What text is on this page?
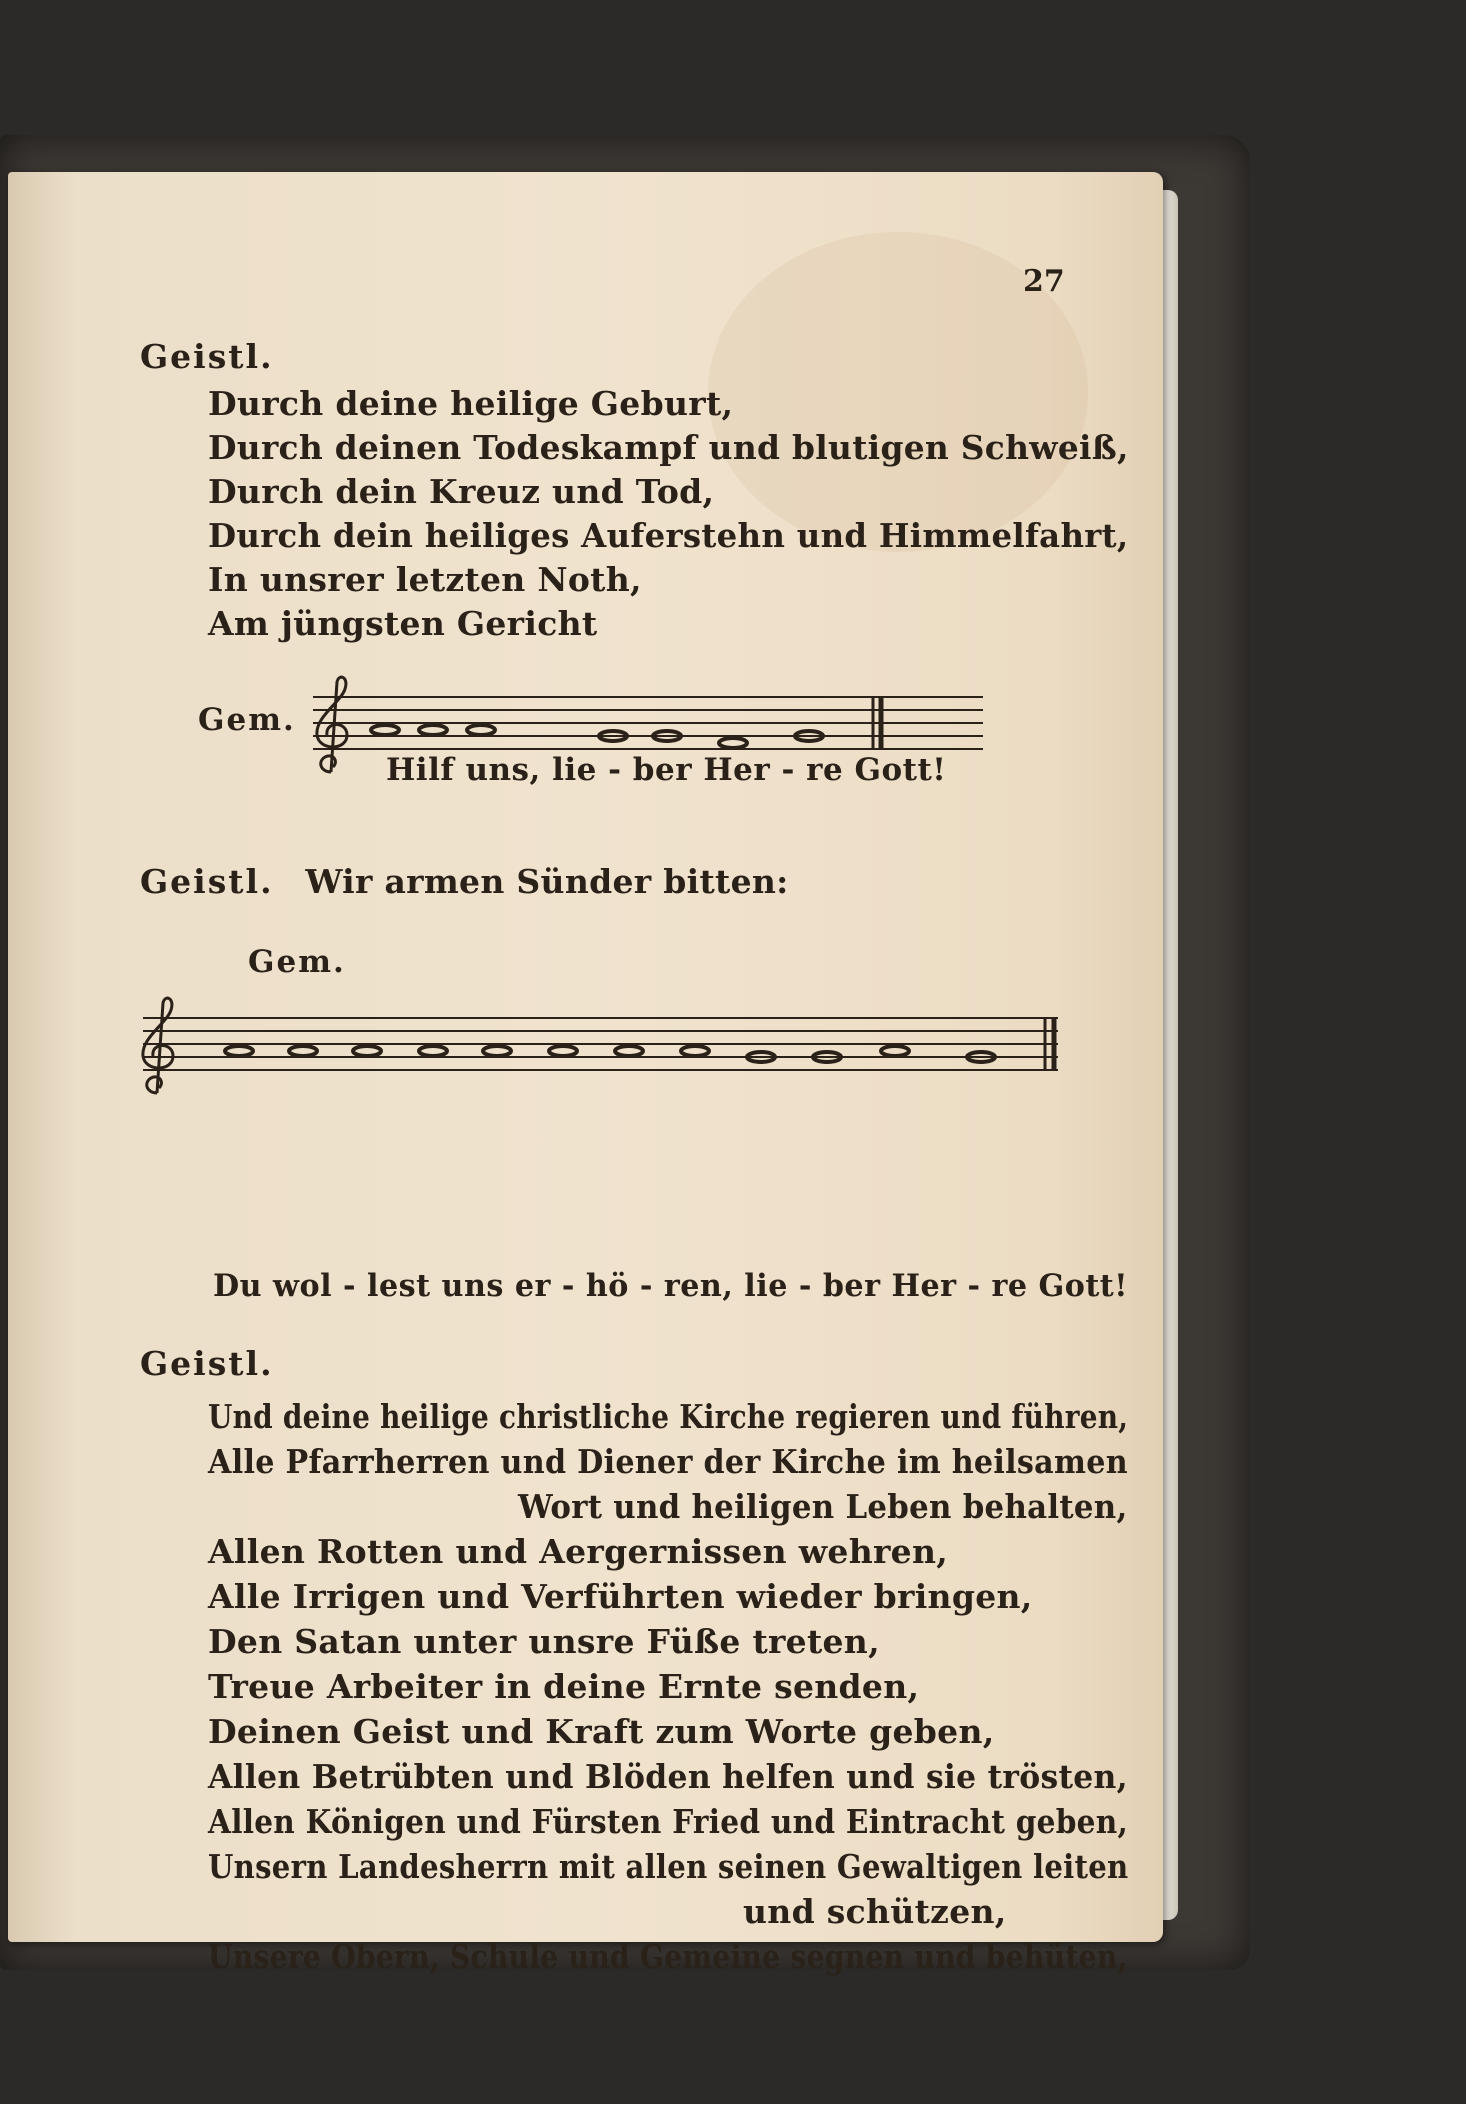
27
Geistl.
Durch deine heilige Geburt,
Durch deinen Todeskampf und blutigen Schweiß,
Durch dein Kreuz und Tod,
Durch dein heiliges Auferstehn und Himmelfahrt,
In unsrer letzten Noth,
Am jüngsten Gericht
Gem.
Hilf uns, lie - ber Her - re Gott!
Geistl. Wir armen Sünder bitten:
Gem.
Du wol - lest uns er - hö - ren, lie - ber Her - re Gott!
Geistl.
Und deine heilige christliche Kirche regieren und führen,
Alle Pfarrherren und Diener der Kirche im heilsamen
Wort und heiligen Leben behalten,
Allen Rotten und Aergernissen wehren,
Alle Irrigen und Verführten wieder bringen,
Den Satan unter unsre Füße treten,
Treue Arbeiter in deine Ernte senden,
Deinen Geist und Kraft zum Worte geben,
Allen Betrübten und Blöden helfen und sie trösten,
Allen Königen und Fürsten Fried und Eintracht geben,
Unsern Landesherrn mit allen seinen Gewaltigen leiten
und schützen,
Unsere Obern, Schule und Gemeine segnen und behüten,
